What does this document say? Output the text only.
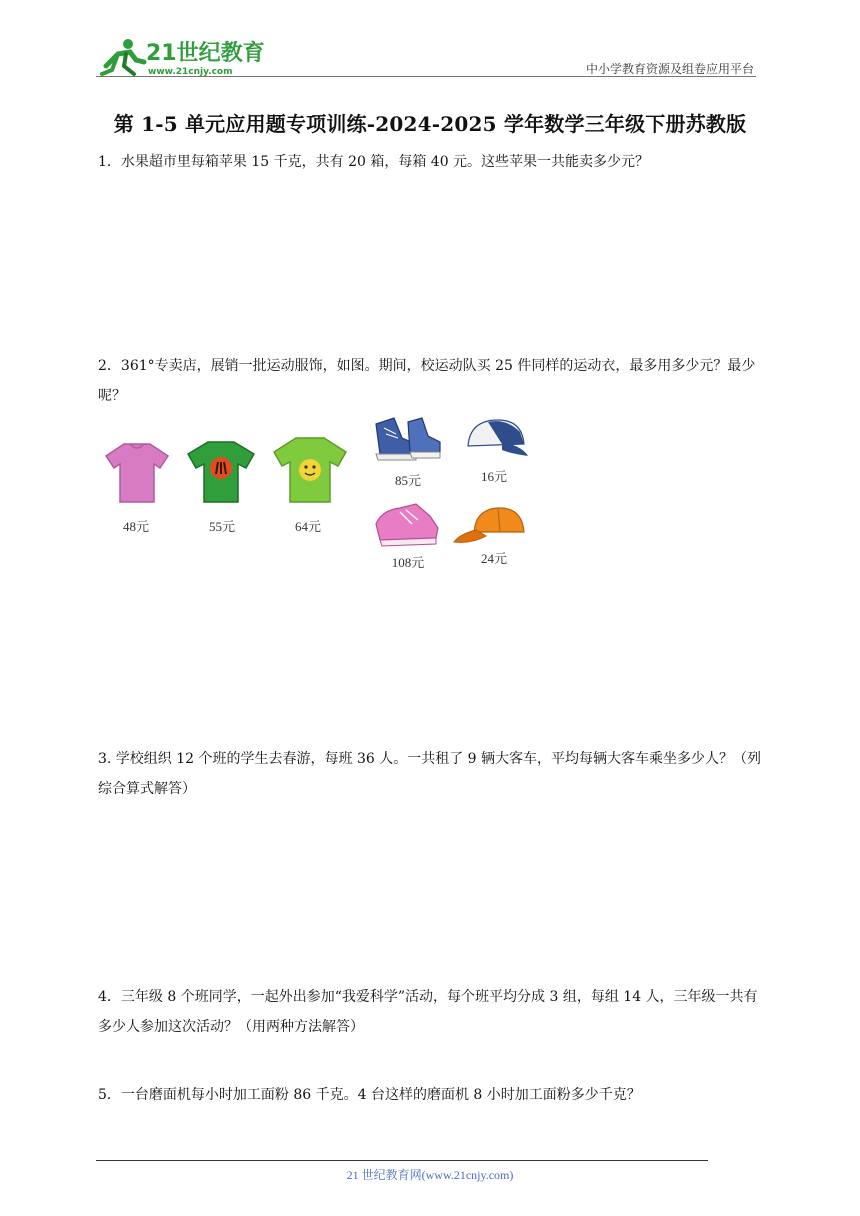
21世纪教育
www.21cnjy.com	中小学教育资源及组卷应用平台
第 1-5 单元应用题专项训练-2024-2025 学年数学三年级下册苏教版
1．水果超市里每箱苹果 15 千克，共有 20 箱，每箱 40 元。这些苹果一共能卖多少元？
2．361°专卖店，展销一批运动服饰，如图。期间，校运动队买 25 件同样的运动衣，最多用多少元？最少呢？
48元	55元	64元
85元	16元
108元	24元
3. 学校组织 12 个班的学生去春游，每班 36 人。一共租了 9 辆大客车，平均每辆大客车乘坐多少人？（列综合算式解答）
4．三年级 8 个班同学，一起外出参加“我爱科学”活动，每个班平均分成 3 组，每组 14 人，三年级一共有多少人参加这次活动？（用两种方法解答）
5．一台磨面机每小时加工面粉 86 千克。4 台这样的磨面机 8 小时加工面粉多少千克？
21 世纪教育网(www.21cnjy.com)
